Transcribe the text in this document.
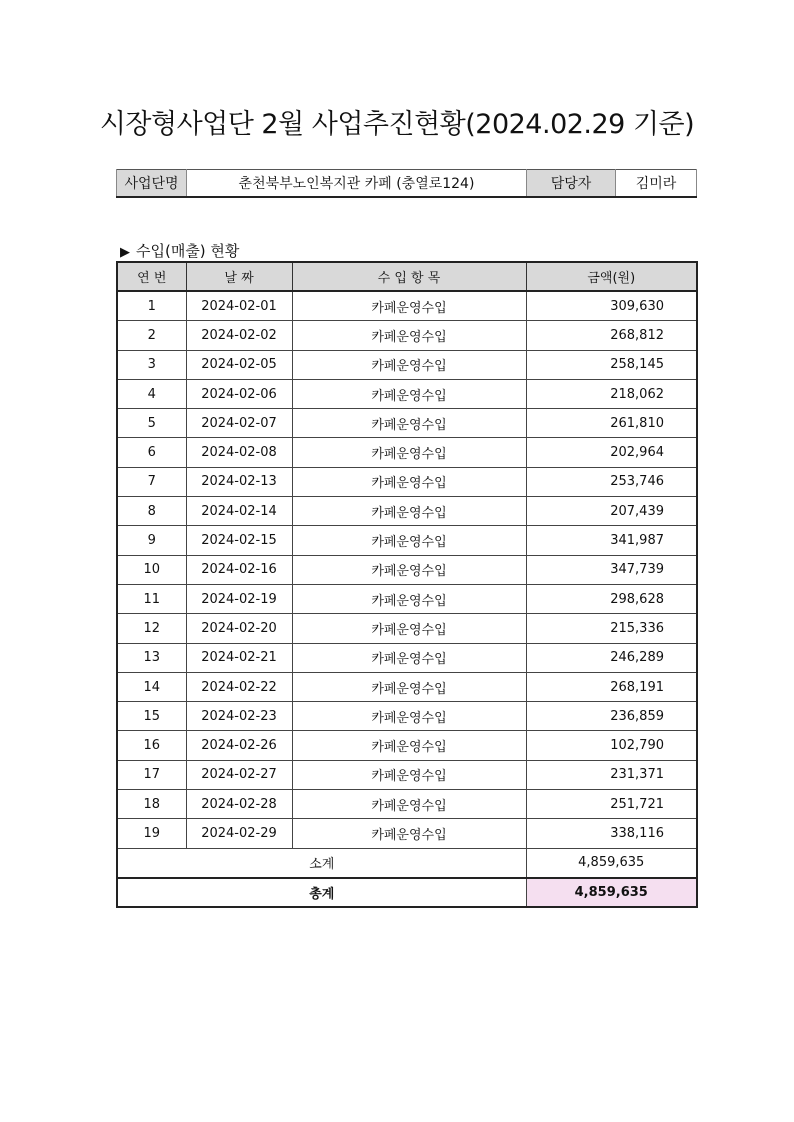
시장형사업단 2월 사업추진현황(2024.02.29 기준)
사업단명	춘천북부노인복지관 카페 (충열로124)	담당자	김미라
▶ 수입(매출) 현황
연 번	날 짜	수 입 항 목	금액(원)
1	2024-02-01	카페운영수입	309,630
2	2024-02-02	카페운영수입	268,812
3	2024-02-05	카페운영수입	258,145
4	2024-02-06	카페운영수입	218,062
5	2024-02-07	카페운영수입	261,810
6	2024-02-08	카페운영수입	202,964
7	2024-02-13	카페운영수입	253,746
8	2024-02-14	카페운영수입	207,439
9	2024-02-15	카페운영수입	341,987
10	2024-02-16	카페운영수입	347,739
11	2024-02-19	카페운영수입	298,628
12	2024-02-20	카페운영수입	215,336
13	2024-02-21	카페운영수입	246,289
14	2024-02-22	카페운영수입	268,191
15	2024-02-23	카페운영수입	236,859
16	2024-02-26	카페운영수입	102,790
17	2024-02-27	카페운영수입	231,371
18	2024-02-28	카페운영수입	251,721
19	2024-02-29	카페운영수입	338,116
소계			4,859,635
총계			4,859,635
